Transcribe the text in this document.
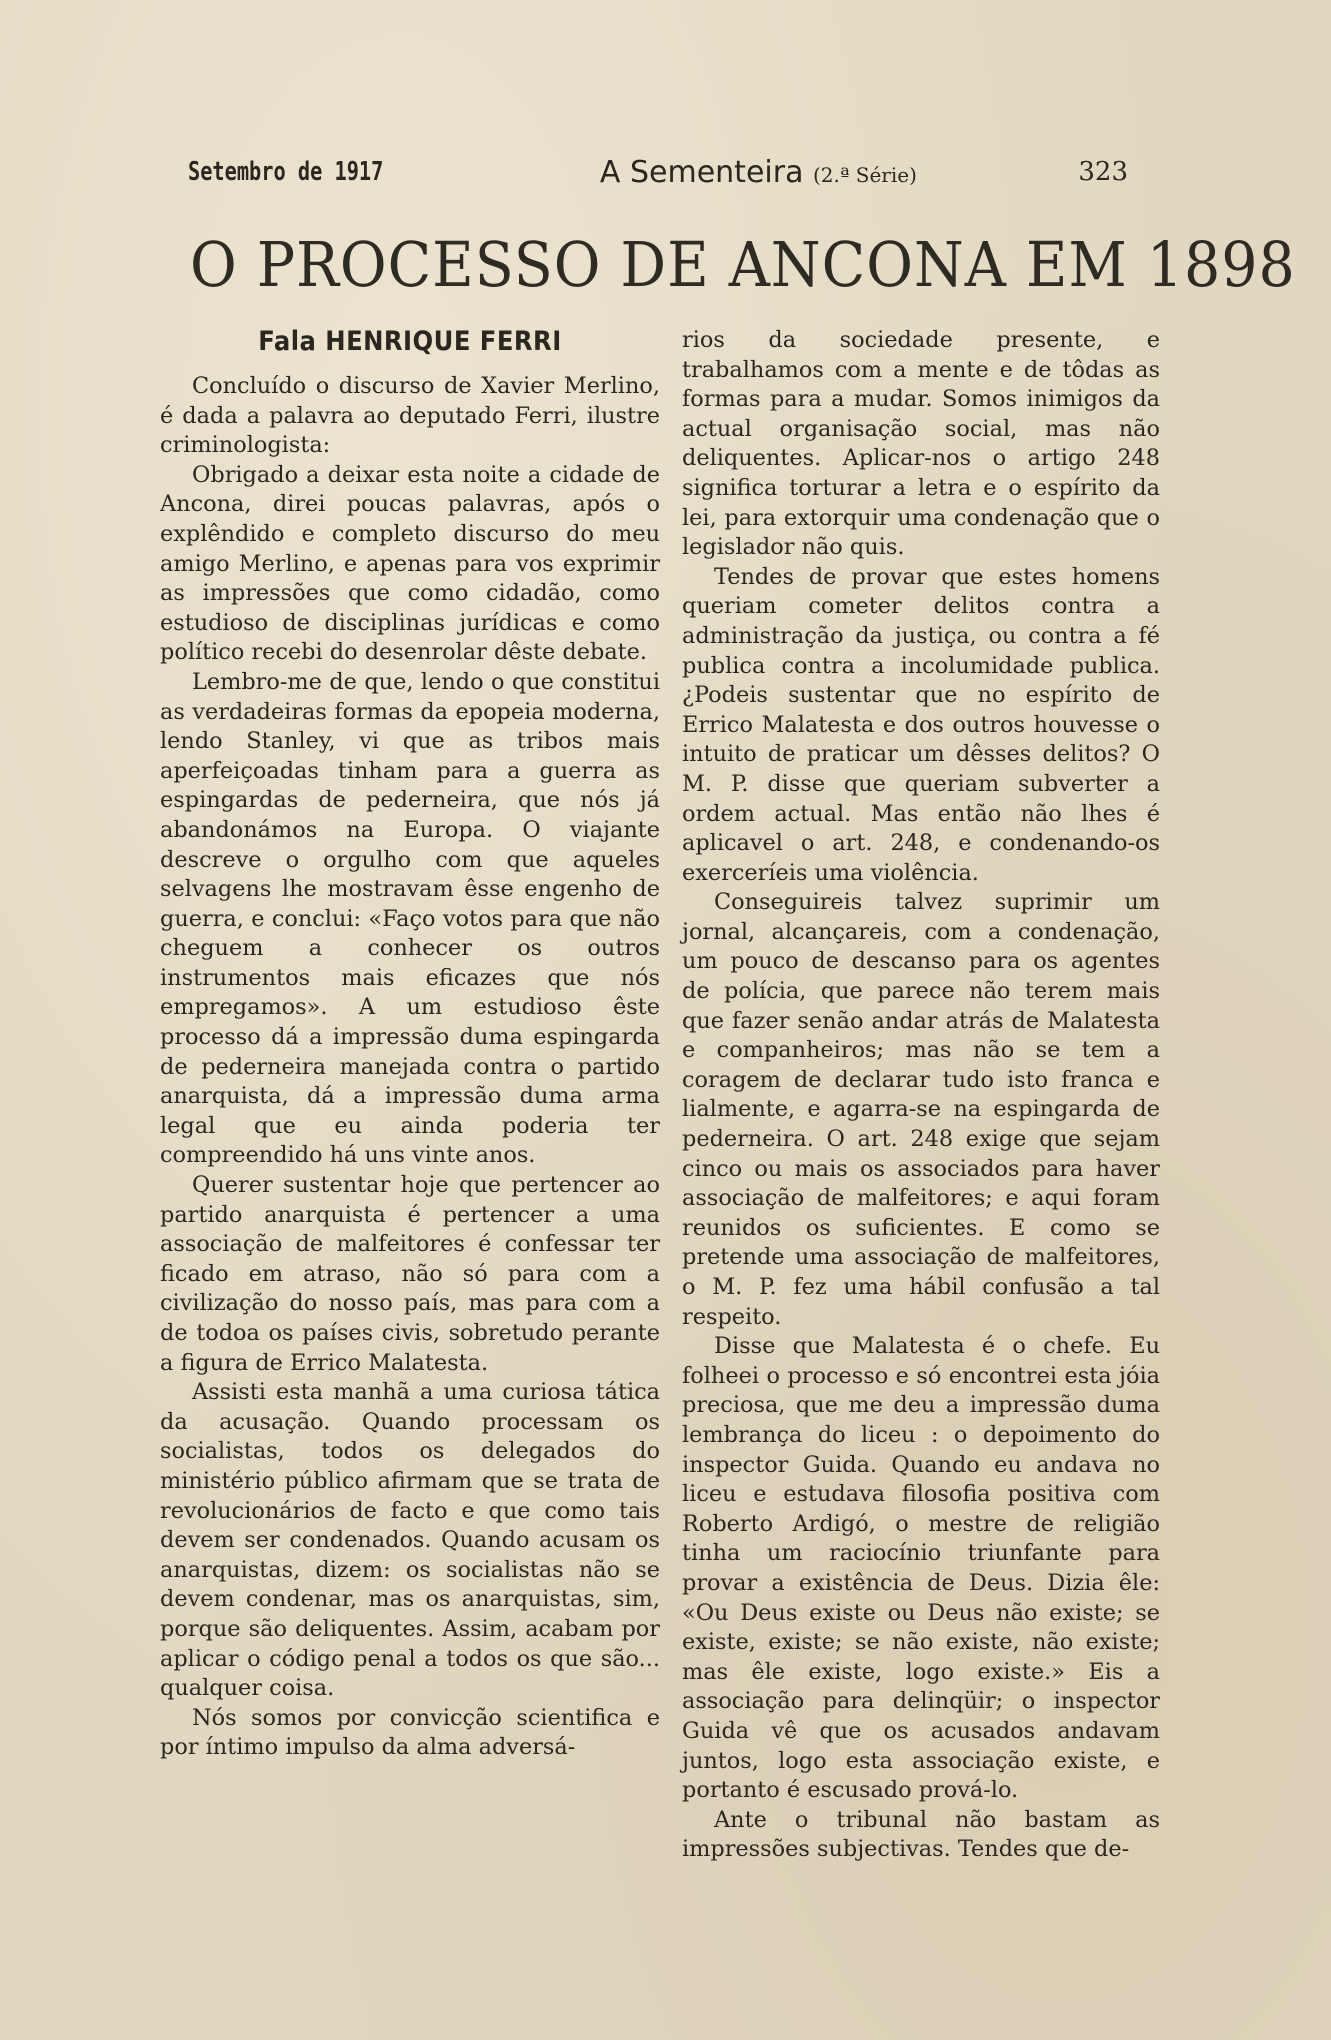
Setembro de 1917	A Sementeira (2.ª Série)	323
O PROCESSO DE ANCONA EM 1898
Fala HENRIQUE FERRI

Concluído o discurso de Xavier Merlino, é dada a palavra ao deputado Ferri, ilustre criminologista:

Obrigado a deixar esta noite a cidade de Ancona, direi poucas palavras, após o explêndido e completo discurso do meu amigo Merlino, e apenas para vos exprimir as impressões que como cidadão, como estudioso de disciplinas jurídicas e como político recebi do desenrolar dêste debate.

Lembro-me de que, lendo o que constitui as verdadeiras formas da epopeia moderna, lendo Stanley, vi que as tribos mais aperfeiçoadas tinham para a guerra as espingardas de pederneira, que nós já abandonámos na Europa. O viajante descreve o orgulho com que aqueles selvagens lhe mostravam êsse engenho de guerra, e conclui: «Faço votos para que não cheguem a conhecer os outros instrumentos mais eficazes que nós empregamos». A um estudioso êste processo dá a impressão duma espingarda de pederneira manejada contra o partido anarquista, dá a impressão duma arma legal que eu ainda poderia ter compreendido há uns vinte anos.

Querer sustentar hoje que pertencer ao partido anarquista é pertencer a uma associação de malfeitores é confessar ter ficado em atraso, não só para com a civilização do nosso país, mas para com a de todoa os países civis, sobretudo perante a figura de Errico Malatesta.

Assisti esta manhã a uma curiosa tática da acusação. Quando processam os socialistas, todos os delegados do ministério público afirmam que se trata de revolucionários de facto e que como tais devem ser condenados. Quando acusam os anarquistas, dizem: os socialistas não se devem condenar, mas os anarquistas, sim, porque são deliquentes. Assim, acabam por aplicar o código penal a todos os que são... qualquer coisa.

Nós somos por convicção scientifica e por íntimo impulso da alma adversá-

rios da sociedade presente, e trabalhamos com a mente e de tôdas as formas para a mudar. Somos inimigos da actual organisação social, mas não deliquentes. Aplicar-nos o artigo 248 significa torturar a letra e o espírito da lei, para extorquir uma condenação que o legislador não quis.

Tendes de provar que estes homens queriam cometer delitos contra a administração da justiça, ou contra a fé publica contra a incolumidade publica. ¿Podeis sustentar que no espírito de Errico Malatesta e dos outros houvesse o intuito de praticar um dêsses delitos? O M. P. disse que queriam subverter a ordem actual. Mas então não lhes é aplicavel o art. 248, e condenando-os exerceríeis uma violência.

Conseguireis talvez suprimir um jornal, alcançareis, com a condenação, um pouco de descanso para os agentes de polícia, que parece não terem mais que fazer senão andar atrás de Malatesta e companheiros; mas não se tem a coragem de declarar tudo isto franca e lialmente, e agarra-se na espingarda de pederneira. O art. 248 exige que sejam cinco ou mais os associados para haver associação de malfeitores; e aqui foram reunidos os suficientes. E como se pretende uma associação de malfeitores, o M. P. fez uma hábil confusão a tal respeito.

Disse que Malatesta é o chefe. Eu folheei o processo e só encontrei esta jóia preciosa, que me deu a impressão duma lembrança do liceu : o depoimento do inspector Guida. Quando eu andava no liceu e estudava filosofia positiva com Roberto Ardigó, o mestre de religião tinha um raciocínio triunfante para provar a existência de Deus. Dizia êle: «Ou Deus existe ou Deus não existe; se existe, existe; se não existe, não existe; mas êle existe, logo existe.» Eis a associação para delinqüir; o inspector Guida vê que os acusados andavam juntos, logo esta associação existe, e portanto é escusado prová-lo.

Ante o tribunal não bastam as impressões subjectivas. Tendes que de-
